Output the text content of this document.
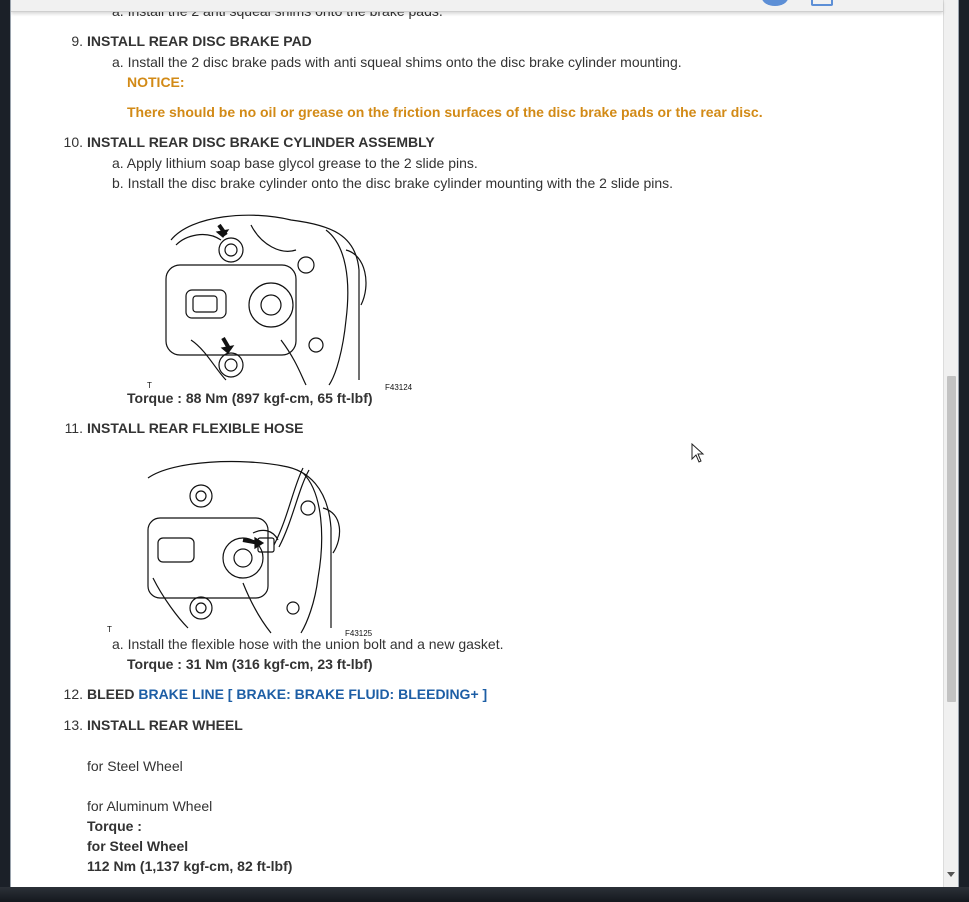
9. INSTALL REAR DISC BRAKE PAD
a. Install the 2 disc brake pads with anti squeal shims onto the disc brake cylinder mounting.
NOTICE:
There should be no oil or grease on the friction surfaces of the disc brake pads or the rear disc.
10. INSTALL REAR DISC BRAKE CYLINDER ASSEMBLY
a. Apply lithium soap base glycol grease to the 2 slide pins.
b. Install the disc brake cylinder onto the disc brake cylinder mounting with the 2 slide pins.
T	F43124
Torque : 88 Nm (897 kgf-cm, 65 ft-lbf)
11. INSTALL REAR FLEXIBLE HOSE
T	F43125
a. Install the flexible hose with the union bolt and a new gasket.
Torque : 31 Nm (316 kgf-cm, 23 ft-lbf)
12. BLEED BRAKE LINE [ BRAKE: BRAKE FLUID: BLEEDING+ ]
13. INSTALL REAR WHEEL
for Steel Wheel
for Aluminum Wheel
Torque :
for Steel Wheel
112 Nm (1,137 kgf-cm, 82 ft-lbf)
